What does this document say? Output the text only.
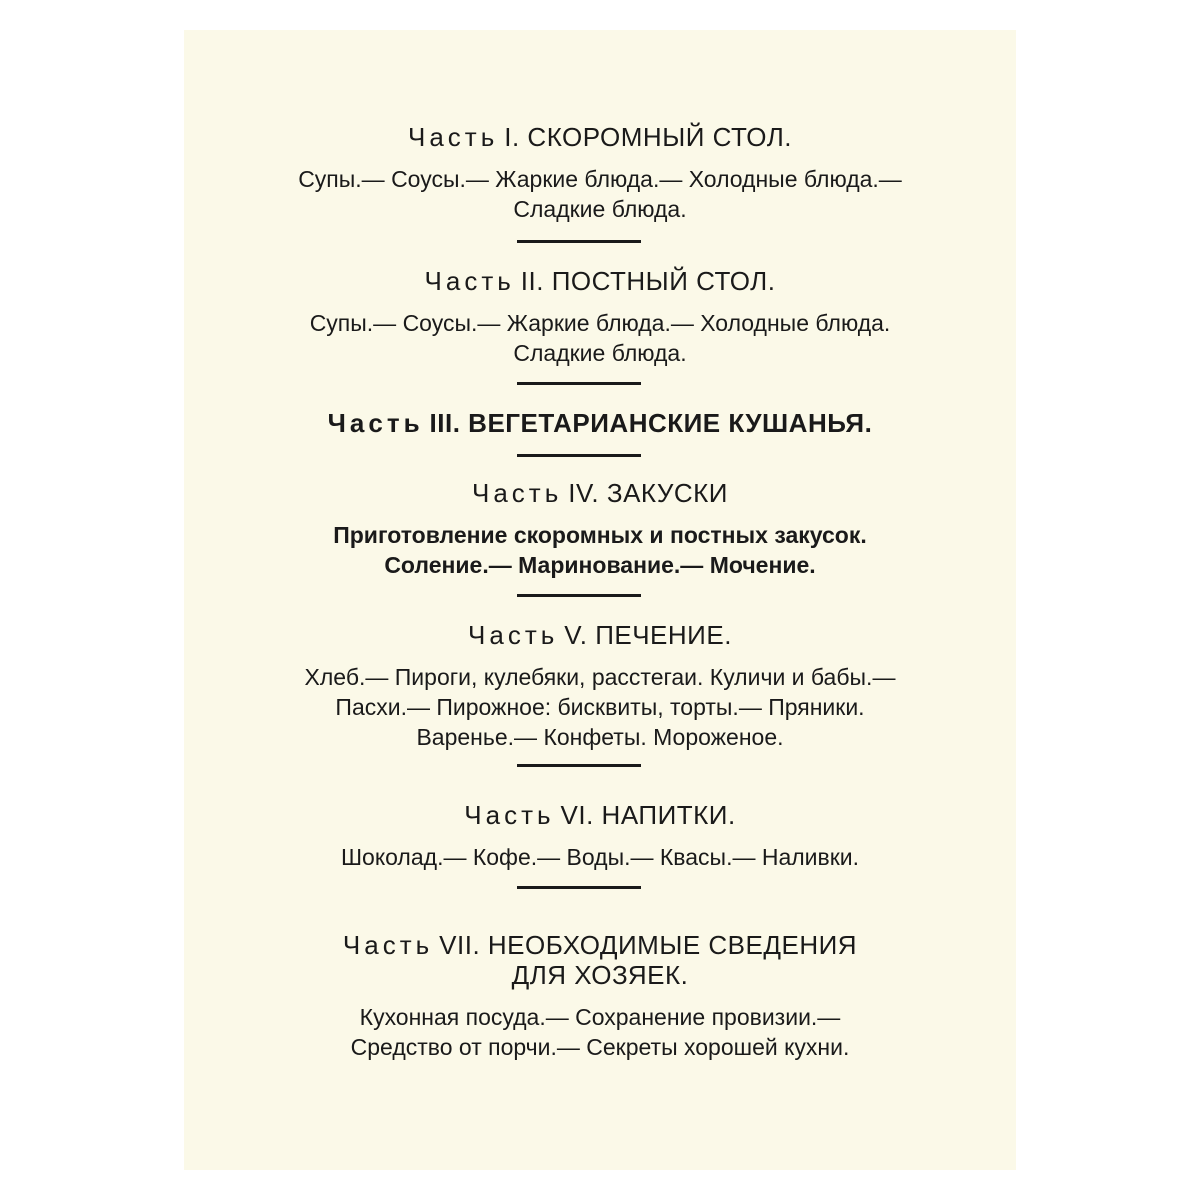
Часть I. СКОРОМНЫЙ СТОЛ.
Супы.— Соусы.— Жаркие блюда.— Холодные блюда.—
Сладкие блюда.
Часть II. ПОСТНЫЙ СТОЛ.
Супы.— Соусы.— Жаркие блюда.— Холодные блюда.
Сладкие блюда.
Часть III. ВЕГЕТАРИАНСКИЕ КУШАНЬЯ.
Часть IV. ЗАКУСКИ
Приготовление скоромных и постных закусок.
Соление.— Маринование.— Мочение.
Часть V. ПЕЧЕНИЕ.
Хлеб.— Пироги, кулебяки, расстегаи. Куличи и бабы.—
Пасхи.— Пирожное: бисквиты, торты.— Пряники.
Варенье.— Конфеты. Мороженое.
Часть VI. НАПИТКИ.
Шоколад.— Кофе.— Воды.— Квасы.— Наливки.
Часть VII. НЕОБХОДИМЫЕ СВЕДЕНИЯ
ДЛЯ ХОЗЯЕК.
Кухонная посуда.— Сохранение провизии.—
Средство от порчи.— Секреты хорошей кухни.
